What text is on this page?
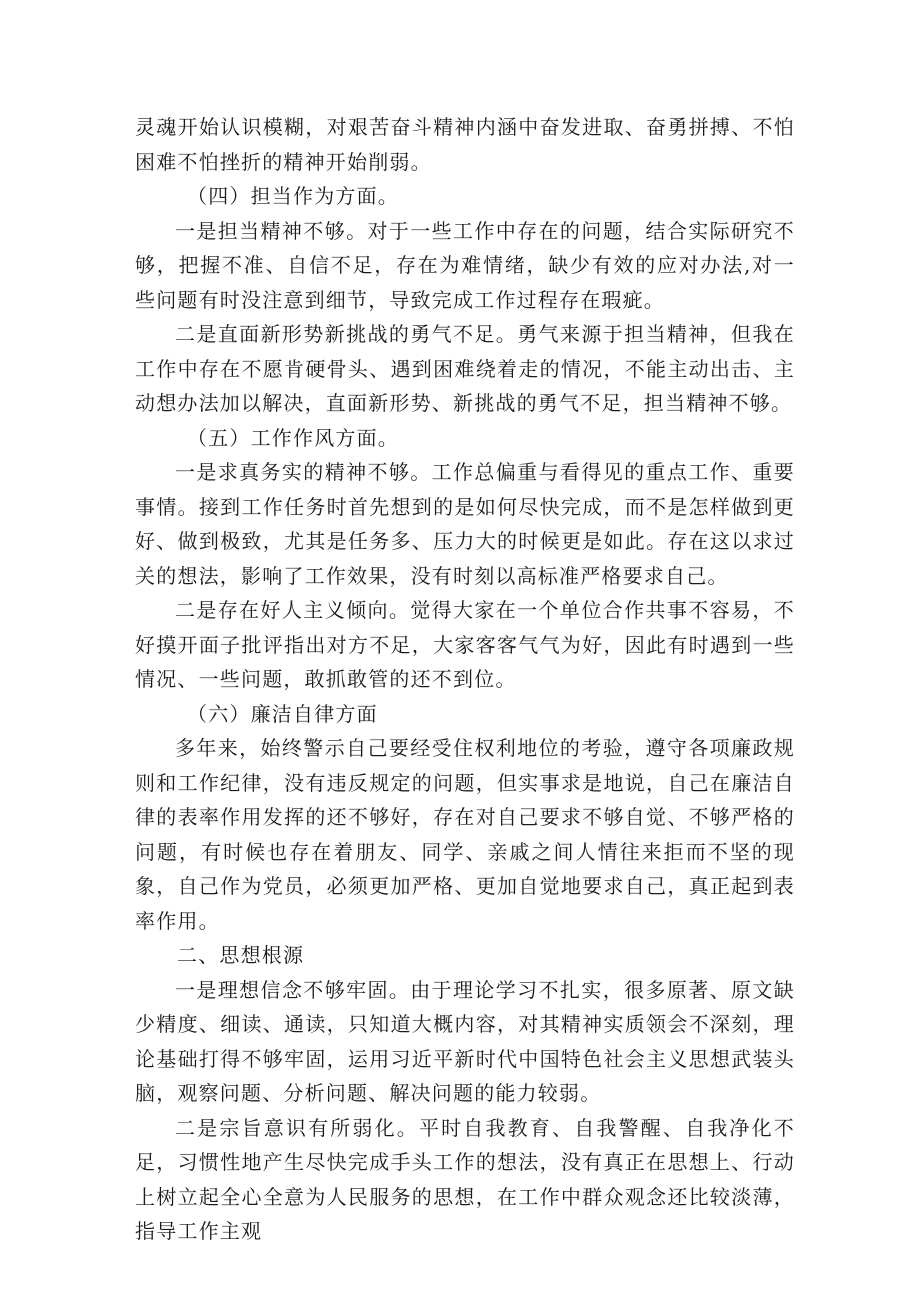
灵魂开始认识模糊，对艰苦奋斗精神内涵中奋发进取、奋勇拼搏、不怕困难不怕挫折的精神开始削弱。

（四）担当作为方面。

一是担当精神不够。对于一些工作中存在的问题，结合实际研究不够，把握不准、自信不足，存在为难情绪，缺少有效的应对办法,对一些问题有时没注意到细节，导致完成工作过程存在瑕疵。

二是直面新形势新挑战的勇气不足。勇气来源于担当精神，但我在工作中存在不愿肯硬骨头、遇到困难绕着走的情况，不能主动出击、主动想办法加以解决，直面新形势、新挑战的勇气不足，担当精神不够。

（五）工作作风方面。

一是求真务实的精神不够。工作总偏重与看得见的重点工作、重要事情。接到工作任务时首先想到的是如何尽快完成，而不是怎样做到更好、做到极致，尤其是任务多、压力大的时候更是如此。存在这以求过关的想法，影响了工作效果，没有时刻以高标准严格要求自己。

二是存在好人主义倾向。觉得大家在一个单位合作共事不容易，不好摸开面子批评指出对方不足，大家客客气气为好，因此有时遇到一些情况、一些问题，敢抓敢管的还不到位。

（六）廉洁自律方面

多年来，始终警示自己要经受住权利地位的考验，遵守各项廉政规则和工作纪律，没有违反规定的问题，但实事求是地说，自己在廉洁自律的表率作用发挥的还不够好，存在对自己要求不够自觉、不够严格的问题，有时候也存在着朋友、同学、亲戚之间人情往来拒而不坚的现象，自己作为党员，必须更加严格、更加自觉地要求自己，真正起到表率作用。

二、思想根源

一是理想信念不够牢固。由于理论学习不扎实，很多原著、原文缺少精度、细读、通读，只知道大概内容，对其精神实质领会不深刻，理论基础打得不够牢固，运用习近平新时代中国特色社会主义思想武装头脑，观察问题、分析问题、解决问题的能力较弱。

二是宗旨意识有所弱化。平时自我教育、自我警醒、自我净化不足，习惯性地产生尽快完成手头工作的想法，没有真正在思想上、行动上树立起全心全意为人民服务的思想，在工作中群众观念还比较淡薄，指导工作主观
